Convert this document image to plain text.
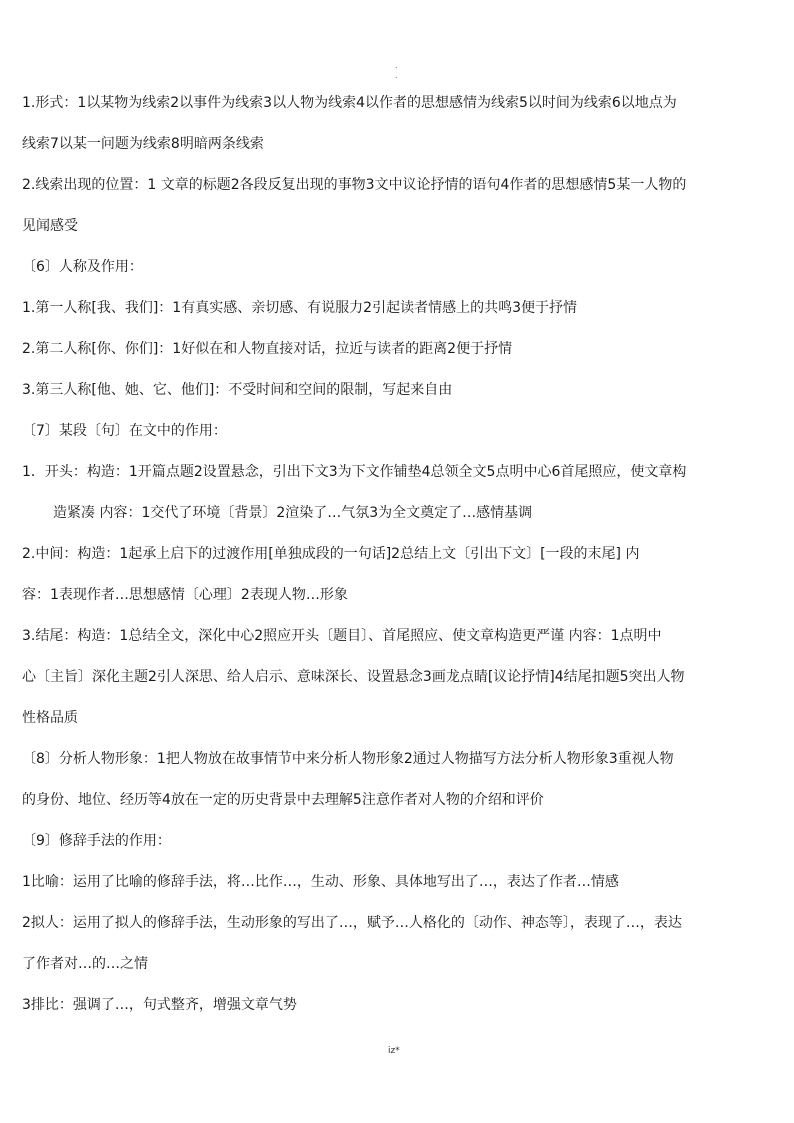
.
.
1.形式：1以某物为线索2以事件为线索3以人物为线索4以作者的思想感情为线索5以时间为线索6以地点为
线索7以某一问题为线索8明暗两条线索
2.线索出现的位置：1 文章的标题2各段反复出现的事物3文中议论抒情的语句4作者的思想感情5某一人物的
见闻感受
〔6〕人称及作用：
1.第一人称[我、我们]：1有真实感、亲切感、有说服力2引起读者情感上的共鸣3便于抒情
2.第二人称[你、你们]：1好似在和人物直接对话，拉近与读者的距离2便于抒情
3.第三人称[他、她、它、他们]：不受时间和空间的限制，写起来自由
〔7〕某段〔句〕在文中的作用：
1．开头：构造：1开篇点题2设置悬念，引出下文3为下文作铺垫4总领全文5点明中心6首尾照应，使文章构
造紧凑 内容：1交代了环境〔背景〕2渲染了…气氛3为全文奠定了…感情基调
2.中间：构造：1起承上启下的过渡作用[单独成段的一句话]2总结上文〔引出下文〕[一段的末尾] 内
容：1表现作者…思想感情〔心理〕2表现人物…形象
3.结尾：构造：1总结全文，深化中心2照应开头〔题目〕、首尾照应、使文章构造更严谨 内容：1点明中
心〔主旨〕深化主题2引人深思、给人启示、意味深长、设置悬念3画龙点睛[议论抒情]4结尾扣题5突出人物
性格品质
〔8〕分析人物形象：1把人物放在故事情节中来分析人物形象2通过人物描写方法分析人物形象3重视人物
的身份、地位、经历等4放在一定的历史背景中去理解5注意作者对人物的介绍和评价
〔9〕修辞手法的作用：
1比喻：运用了比喻的修辞手法，将…比作…，生动、形象、具体地写出了…，表达了作者…情感
2拟人：运用了拟人的修辞手法，生动形象的写出了…，赋予…人格化的〔动作、神态等〕，表现了…，表达
了作者对…的…之情
3排比：强调了…，句式整齐，增强文章气势
iz*
